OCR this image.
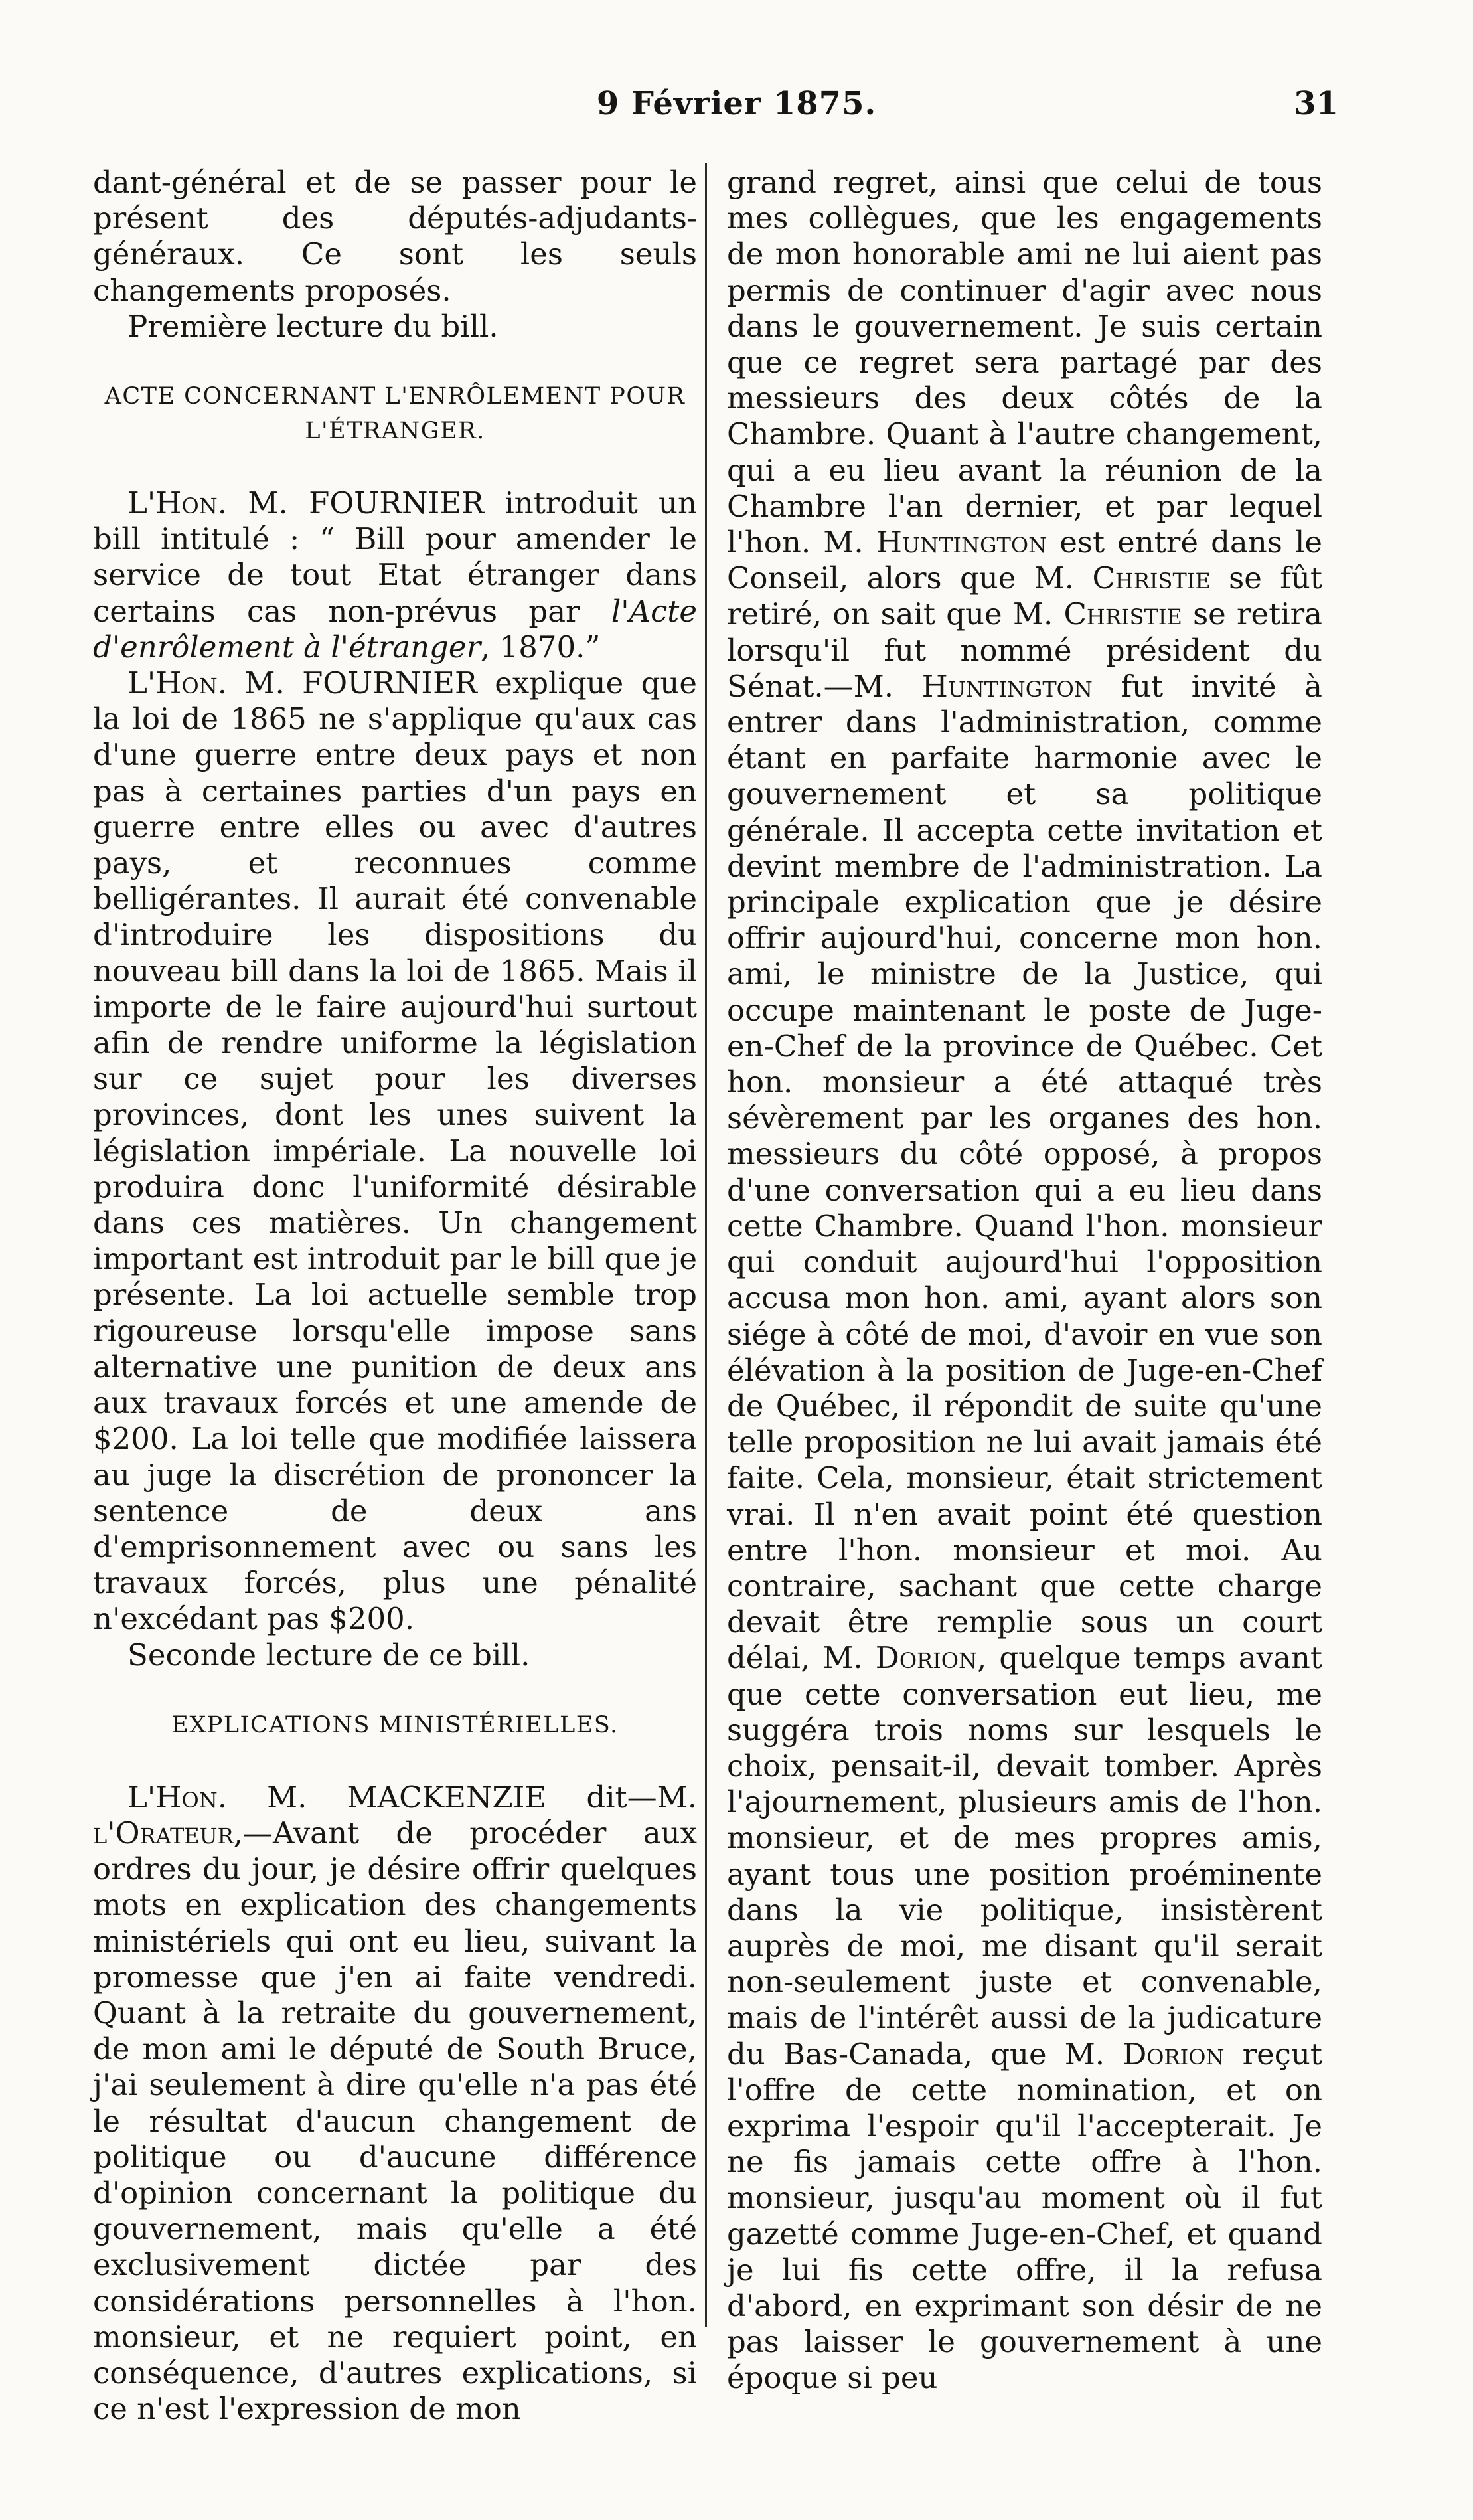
9 Février 1875.	31

dant-général et de se passer pour le présent des députés-adjudants-généraux. Ce sont les seuls changements proposés.

Première lecture du bill.

ACTE CONCERNANT L'ENRÔLEMENT POUR L'ÉTRANGER.

L'Hon. M. FOURNIER introduit un bill intitulé : “ Bill pour amender le service de tout Etat étranger dans certains cas non-prévus par l'Acte d'enrôlement à l'étranger, 1870.”

L'Hon. M. FOURNIER explique que la loi de 1865 ne s'applique qu'aux cas d'une guerre entre deux pays et non pas à certaines parties d'un pays en guerre entre elles ou avec d'autres pays, et reconnues comme belligérantes. Il aurait été convenable d'introduire les dispositions du nouveau bill dans la loi de 1865. Mais il importe de le faire aujourd'hui surtout afin de rendre uniforme la législation sur ce sujet pour les diverses provinces, dont les unes suivent la législation impériale. La nouvelle loi produira donc l'uniformité désirable dans ces matières. Un changement important est introduit par le bill que je présente. La loi actuelle semble trop rigoureuse lorsqu'elle impose sans alternative une punition de deux ans aux travaux forcés et une amende de $200. La loi telle que modifiée laissera au juge la discrétion de prononcer la sentence de deux ans d'emprisonnement avec ou sans les travaux forcés, plus une pénalité n'excédant pas $200.

Seconde lecture de ce bill.

EXPLICATIONS MINISTÉRIELLES.

L'Hon. M. MACKENZIE dit—M. l'Orateur,—Avant de procéder aux ordres du jour, je désire offrir quelques mots en explication des changements ministériels qui ont eu lieu, suivant la promesse que j'en ai faite vendredi. Quant à la retraite du gouvernement, de mon ami le député de South Bruce, j'ai seulement à dire qu'elle n'a pas été le résultat d'aucun changement de politique ou d'aucune différence d'opinion concernant la politique du gouvernement, mais qu'elle a été exclusivement dictée par des considérations personnelles à l'hon. monsieur, et ne requiert point, en conséquence, d'autres explications, si ce n'est l'expression de mon

grand regret, ainsi que celui de tous mes collègues, que les engagements de mon honorable ami ne lui aient pas permis de continuer d'agir avec nous dans le gouvernement. Je suis certain que ce regret sera partagé par des messieurs des deux côtés de la Chambre. Quant à l'autre changement, qui a eu lieu avant la réunion de la Chambre l'an dernier, et par lequel l'hon. M. Huntington est entré dans le Conseil, alors que M. Christie se fût retiré, on sait que M. Christie se retira lorsqu'il fut nommé président du Sénat.—M. Huntington fut invité à entrer dans l'administration, comme étant en parfaite harmonie avec le gouvernement et sa politique générale. Il accepta cette invitation et devint membre de l'administration. La principale explication que je désire offrir aujourd'hui, concerne mon hon. ami, le ministre de la Justice, qui occupe maintenant le poste de Juge-en-Chef de la province de Québec. Cet hon. monsieur a été attaqué très sévèrement par les organes des hon. messieurs du côté opposé, à propos d'une conversation qui a eu lieu dans cette Chambre. Quand l'hon. monsieur qui conduit aujourd'hui l'opposition accusa mon hon. ami, ayant alors son siége à côté de moi, d'avoir en vue son élévation à la position de Juge-en-Chef de Québec, il répondit de suite qu'une telle proposition ne lui avait jamais été faite. Cela, monsieur, était strictement vrai. Il n'en avait point été question entre l'hon. monsieur et moi. Au contraire, sachant que cette charge devait être remplie sous un court délai, M. Dorion, quelque temps avant que cette conversation eut lieu, me suggéra trois noms sur lesquels le choix, pensait-il, devait tomber. Après l'ajournement, plusieurs amis de l'hon. monsieur, et de mes propres amis, ayant tous une position proéminente dans la vie politique, insistèrent auprès de moi, me disant qu'il serait non-seulement juste et convenable, mais de l'intérêt aussi de la judicature du Bas-Canada, que M. Dorion reçut l'offre de cette nomination, et on exprima l'espoir qu'il l'accepterait. Je ne fis jamais cette offre à l'hon. monsieur, jusqu'au moment où il fut gazetté comme Juge-en-Chef, et quand je lui fis cette offre, il la refusa d'abord, en exprimant son désir de ne pas laisser le gouvernement à une époque si peu
